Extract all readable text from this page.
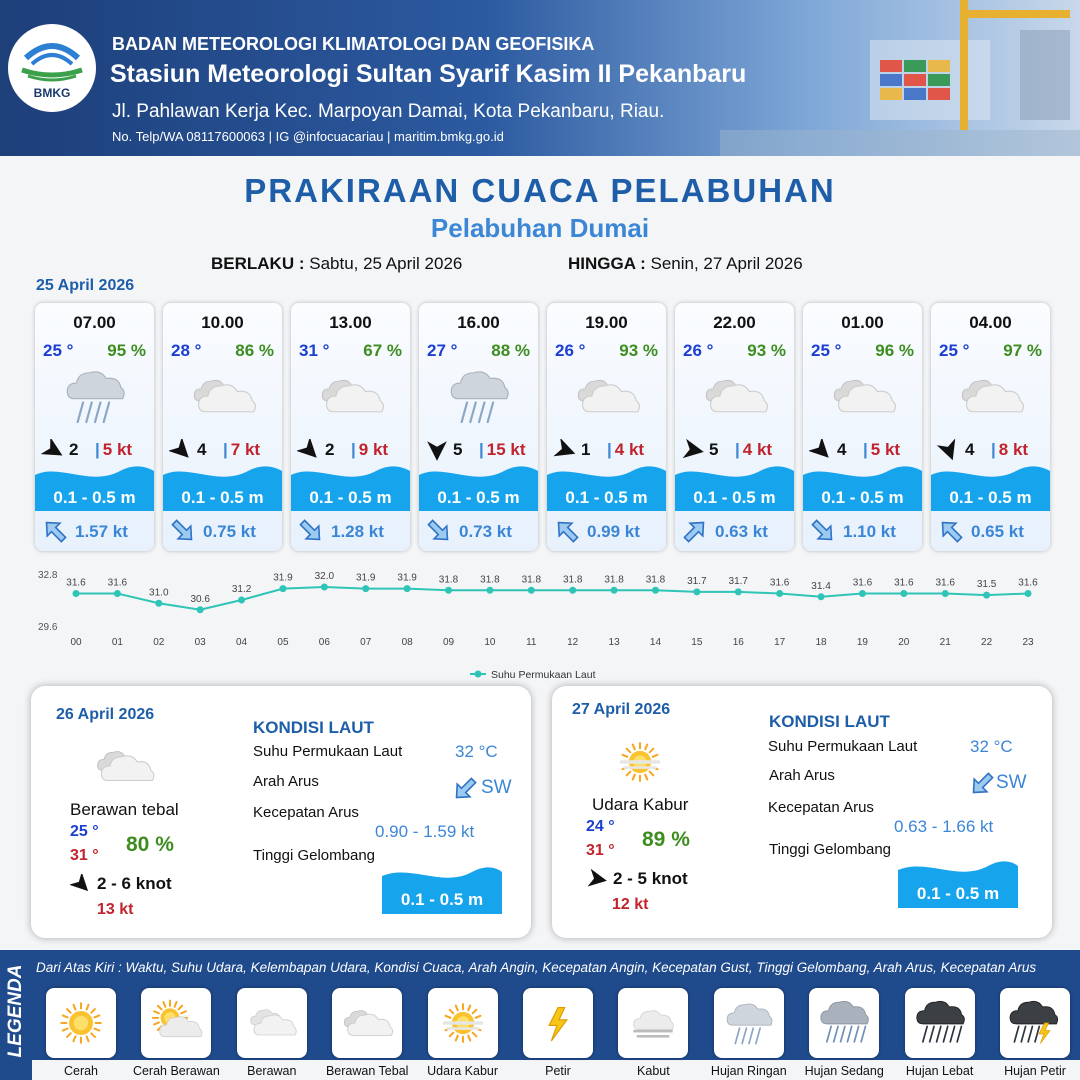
BMKG
BADAN METEOROLOGI KLIMATOLOGI DAN GEOFISIKA
Stasiun Meteorologi Sultan Syarif Kasim II Pekanbaru
Jl. Pahlawan Kerja Kec. Marpoyan Damai, Kota Pekanbaru, Riau.
No. Telp/WA 08117600063 | IG @infocuacariau | maritim.bmkg.go.id
PRAKIRAAN CUACA PELABUHAN
Pelabuhan Dumai
BERLAKU : Sabtu, 25 April 2026	HINGGA : Senin, 27 April 2026
25 April 2026
07.00
25 ° 95 %
2 | 5 kt
0.1 - 0.5 m
1.57 kt
10.00
28 ° 86 %
4 | 7 kt
0.1 - 0.5 m
0.75 kt
13.00
31 ° 67 %
2 | 9 kt
0.1 - 0.5 m
1.28 kt
16.00
27 ° 88 %
5 | 15 kt
0.1 - 0.5 m
0.73 kt
19.00
26 ° 93 %
1 | 4 kt
0.1 - 0.5 m
0.99 kt
22.00
26 ° 93 %
5 | 4 kt
0.1 - 0.5 m
0.63 kt
01.00
25 ° 96 %
4 | 5 kt
0.1 - 0.5 m
1.10 kt
04.00
25 ° 97 %
4 | 8 kt
0.1 - 0.5 m
0.65 kt
32.8
29.6
31.6
00
31.6
01
31.0
02
30.6
03
31.2
04
31.9
05
32.0
06
31.9
07
31.9
08
31.8
09
31.8
10
31.8
11
31.8
12
31.8
13
31.8
14
31.7
15
31.7
16
31.6
17
31.4
18
31.6
19
31.6
20
31.6
21
31.5
22
31.6
23
Suhu Permukaan Laut
26 April 2026
Berawan tebal
25 °
31 ° 80 %
2 - 6 knot
13 kt
KONDISI LAUT
Suhu Permukaan Laut	32 °C
Arah Arus	SW
Kecepatan Arus
0.90 - 1.59 kt
Tinggi Gelombang
0.1 - 0.5 m
27 April 2026
Udara Kabur
24 °
31 ° 89 %
2 - 5 knot
12 kt
KONDISI LAUT
Suhu Permukaan Laut	32 °C
Arah Arus	SW
Kecepatan Arus
0.63 - 1.66 kt
Tinggi Gelombang
0.1 - 0.5 m
LEGENDA Dari Atas Kiri : Waktu, Suhu Udara, Kelembapan Udara, Kondisi Cuaca, Arah Angin, Kecepatan Angin, Kecepatan Gust, Tinggi Gelombang, Arah Arus, Kecepatan Arus
Cerah	Cerah Berawan	Berawan	Berawan Tebal	Udara Kabur	Petir	Kabut	Hujan Ringan	Hujan Sedang	Hujan Lebat	Hujan Petir
